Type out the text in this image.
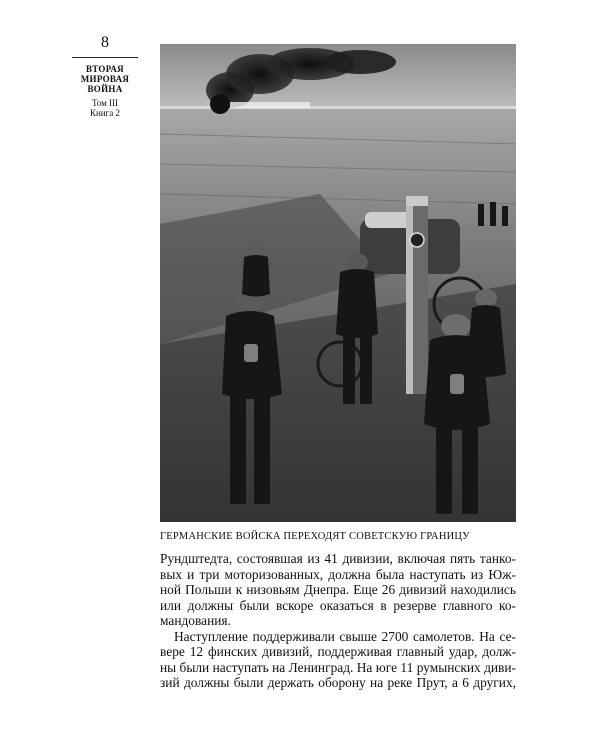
8
ВТОРАЯ
МИРОВАЯ
ВОЙНА
Том III
Книга 2
ГЕРМАНСКИЕ ВОЙСКА ПЕРЕХОДЯТ СОВЕТСКУЮ ГРАНИЦУ

Рундштедта, состоявшая из 41 дивизии, включая пять танко-
вых и три моторизованных, должна была наступать из Юж-
ной Польши к низовьям Днепра. Еще 26 дивизий находились
или должны были вскоре оказаться в резерве главного ко-
мандования.

Наступление поддерживали свыше 2700 самолетов. На се-
вере 12 финских дивизий, поддерживая главный удар, долж-
ны были наступать на Ленинград. На юге 11 румынских диви-
зий должны были держать оборону на реке Прут, а 6 других,
